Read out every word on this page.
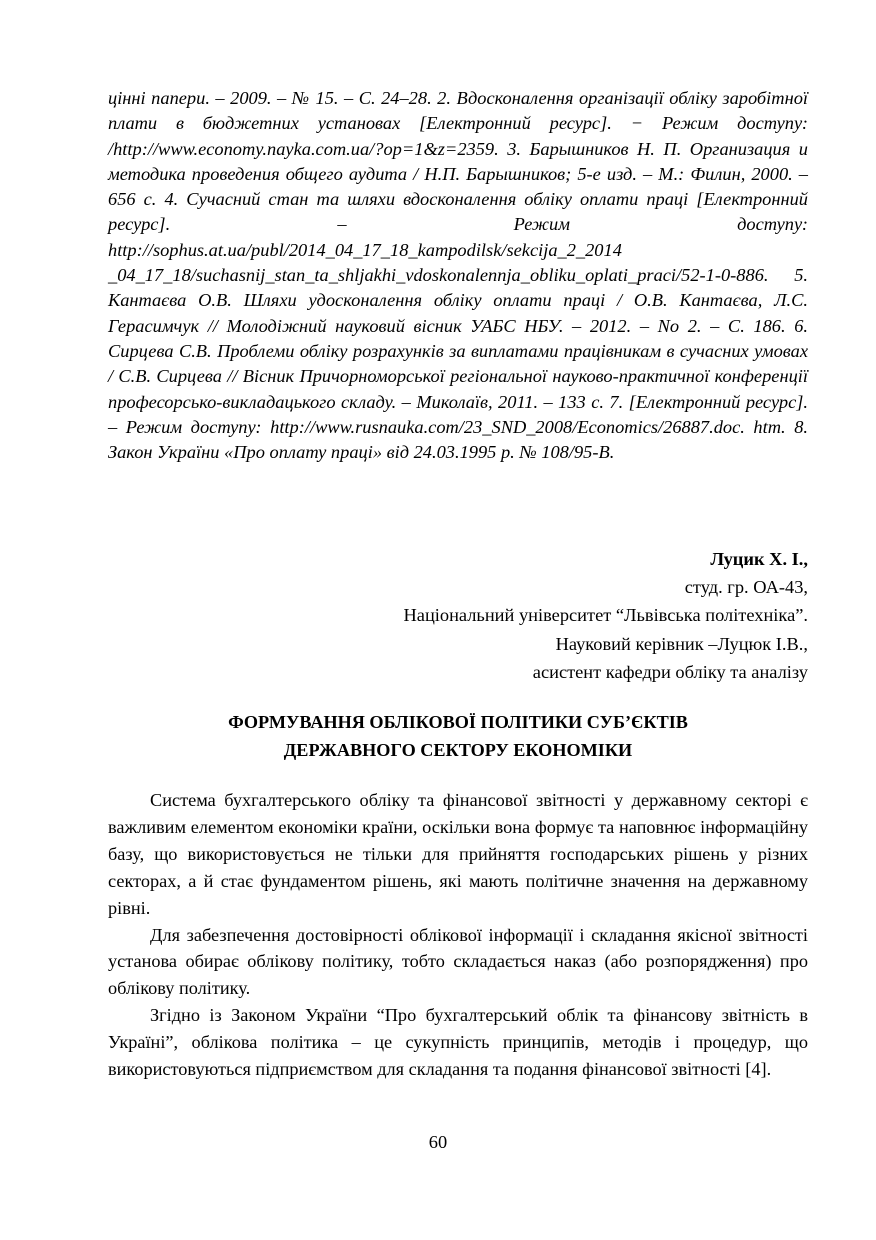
цінні папери. – 2009. – № 15. – С. 24–28. 2. Вдосконалення організації обліку заробітної плати в бюджетних установах [Електронний ресурс]. − Режим доступу: /http://www.economy.nayka.com.ua/?op=1&z=2359. 3. Барышников Н. П. Организация и методика проведения общего аудита / Н.П. Барышников; 5-е изд. – М.: Филин, 2000. – 656 с. 4. Сучасний стан та шляхи вдосконалення обліку оплати праці [Електронний ресурс]. – Режим доступу: http://sophus.at.ua/publ/2014_04_17_18_kampodilsk/sekcija_2_2014 _04_17_18/suchasnij_stan_ta_shljakhi_vdoskonalennja_obliku_oplati_praci/52-1-0-886. 5. Кантаєва О.В. Шляхи удосконалення обліку оплати праці / О.В. Кантаєва, Л.С. Герасимчук // Молодіжний науковий вісник УАБС НБУ. – 2012. – No 2. – С. 186. 6. Сирцева С.В. Проблеми обліку розрахунків за виплатами працівникам в сучасних умовах / С.В. Сирцева // Вісник Причорноморської регіональної науково-практичної конференції професорсько-викладацького складу. – Миколаїв, 2011. – 133 с. 7. [Електронний ресурс]. – Режим доступу: http://www.rusnauka.com/23_SND_2008/Economics/26887.doc. htm. 8. Закон України «Про оплату праці» від 24.03.1995 р. № 108/95-В.

Луцик Х. І.,
студ. гр. ОА-43,
Національний університет “Львівська політехніка”.
Науковий керівник –Луцюк І.В.,
асистент кафедри обліку та аналізу
ФОРМУВАННЯ ОБЛІКОВОЇ ПОЛІТИКИ СУБ’ЄКТІВ
ДЕРЖАВНОГО СЕКТОРУ ЕКОНОМІКИ

Система бухгалтерського обліку та фінансової звітності у державному секторі є важливим елементом економіки країни, оскільки вона формує та наповнює інформаційну базу, що використовується не тільки для прийняття господарських рішень у різних секторах, а й стає фундаментом рішень, які мають політичне значення на державному рівні.

Для забезпечення достовірності облікової інформації і складання якісної звітності установа обирає облікову політику, тобто складається наказ (або розпорядження) про облікову політику.

Згідно із Законом України “Про бухгалтерський облік та фінансову звітність в Україні”, облікова політика – це сукупність принципів, методів і процедур, що використовуються підприємством для складання та подання фінансової звітності [4].

60
